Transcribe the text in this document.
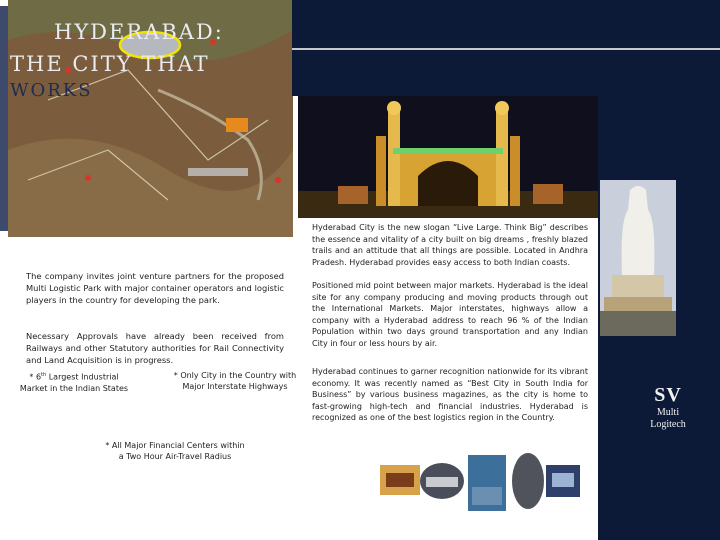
HYDERABAD:
THE CITY THAT
WORKS

Hyderabad City is the new slogan “Live Large. Think Big” describes the essence and vitality of a city built on big dreams , freshly blazed trails and an attitude that all things are possible. Located in Andhra Pradesh. Hyderabad provides easy access to both Indian coasts.

Positioned mid point between major markets. Hyderabad is the ideal site for any company producing and moving products through out the International Markets. Major interstates, highways allow a company with a Hyderabad address to reach 96 % of the Indian Population within two days ground transportation and any Indian City in four or less hours by air.

Hyderabad continues to garner recognition nationwide for its vibrant economy. It was recently named as “Best City in South India for Business” by various business magazines, as the city is home to fast-growing high-tech and financial industries. Hyderabad is recognized as one of the best logistics region in the Country.

The company invites joint venture partners for the proposed Multi Logistic Park with major container operators and logistic players in the country for developing the park.

Necessary Approvals have already been received from Railways and other Statutory authorities for Rail Connectivity and Land Acquisition is in progress.

* 6th Largest Industrial
Market in the Indian States
* Only City in the Country with
Major Interstate Highways
* All Major Financial Centers within
a Two Hour Air-Travel Radius
SV
Multi
Logitech
